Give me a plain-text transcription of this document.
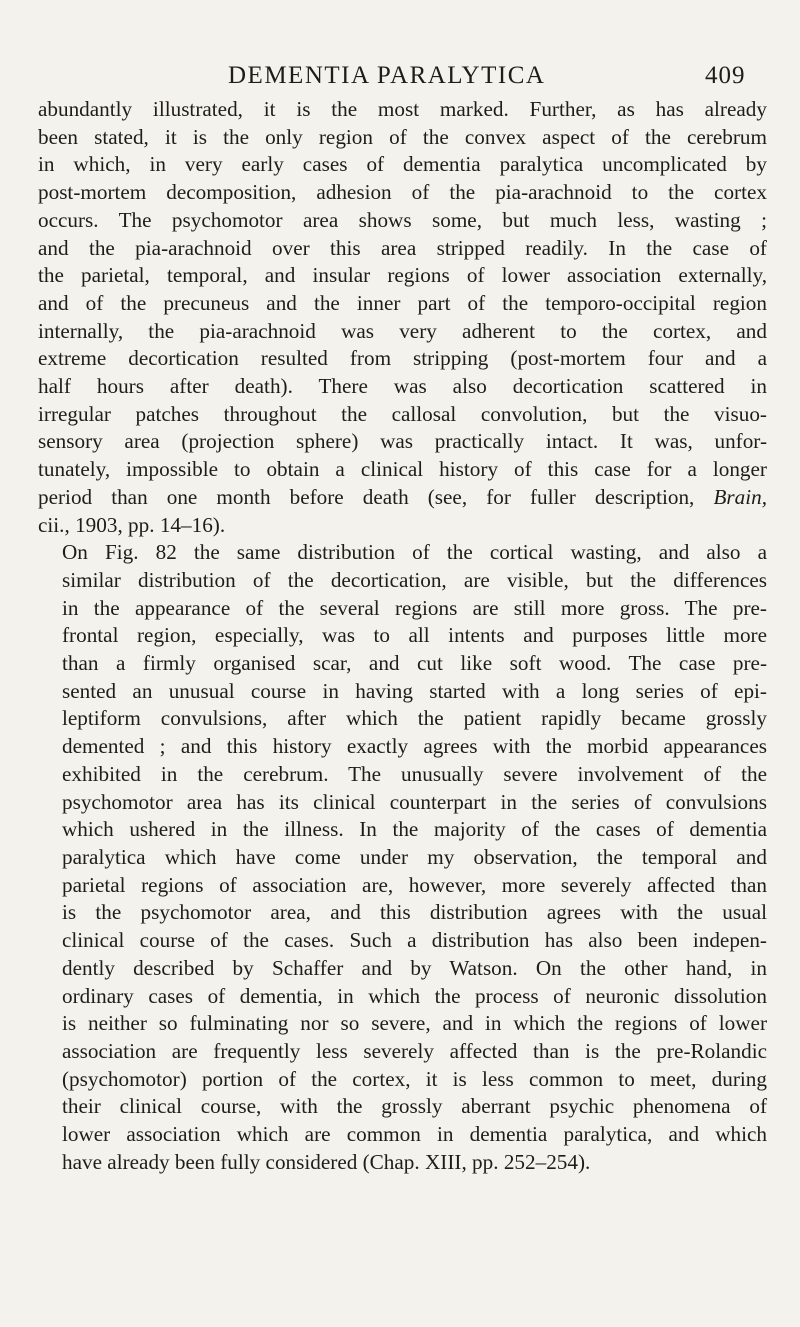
DEMENTIA PARALYTICA	409

abundantly illustrated, it is the most marked. Further, as has already
been stated, it is the only region of the convex aspect of the cerebrum
in which, in very early cases of dementia paralytica uncomplicated by
post-mortem decomposition, adhesion of the pia-arachnoid to the cortex
occurs. The psychomotor area shows some, but much less, wasting ;
and the pia-arachnoid over this area stripped readily. In the case of
the parietal, temporal, and insular regions of lower association externally,
and of the precuneus and the inner part of the temporo-occipital region
internally, the pia-arachnoid was very adherent to the cortex, and
extreme decortication resulted from stripping (post-mortem four and a
half hours after death). There was also decortication scattered in
irregular patches throughout the callosal convolution, but the visuo-
sensory area (projection sphere) was practically intact. It was, unfor-
tunately, impossible to obtain a clinical history of this case for a longer
period than one month before death (see, for fuller description, Brain,
cii., 1903, pp. 14–16).

On Fig. 82 the same distribution of the cortical wasting, and also a
similar distribution of the decortication, are visible, but the differences
in the appearance of the several regions are still more gross. The pre-
frontal region, especially, was to all intents and purposes little more
than a firmly organised scar, and cut like soft wood. The case pre-
sented an unusual course in having started with a long series of epi-
leptiform convulsions, after which the patient rapidly became grossly
demented ; and this history exactly agrees with the morbid appearances
exhibited in the cerebrum. The unusually severe involvement of the
psychomotor area has its clinical counterpart in the series of convulsions
which ushered in the illness. In the majority of the cases of dementia
paralytica which have come under my observation, the temporal and
parietal regions of association are, however, more severely affected than
is the psychomotor area, and this distribution agrees with the usual
clinical course of the cases. Such a distribution has also been indepen-
dently described by Schaffer and by Watson. On the other hand, in
ordinary cases of dementia, in which the process of neuronic dissolution
is neither so fulminating nor so severe, and in which the regions of lower
association are frequently less severely affected than is the pre-Rolandic
(psychomotor) portion of the cortex, it is less common to meet, during
their clinical course, with the grossly aberrant psychic phenomena of
lower association which are common in dementia paralytica, and which
have already been fully considered (Chap. XIII, pp. 252–254).
